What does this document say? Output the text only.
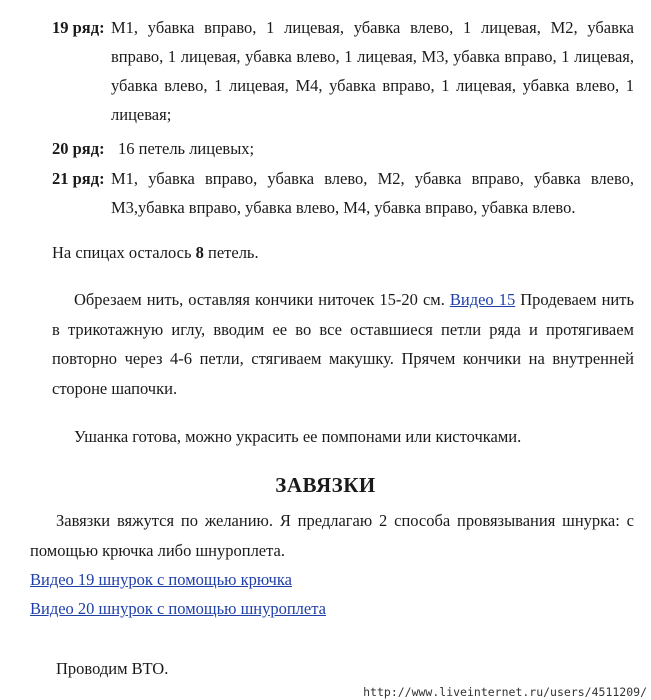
19 ряд: М1, убавка вправо, 1 лицевая, убавка влево, 1 лицевая, М2, убавка вправо, 1 лицевая, убавка влево, 1 лицевая, М3, убавка вправо, 1 лицевая, убавка влево, 1 лицевая, М4, убавка вправо, 1 лицевая, убавка влево, 1 лицевая;
20 ряд: 16 петель лицевых;
21 ряд: М1, убавка вправо, убавка влево, М2, убавка вправо, убавка влево, М3,убавка вправо, убавка влево, М4, убавка вправо, убавка влево.
На спицах осталось 8 петель.
Обрезаем нить, оставляя кончики ниточек 15-20 см. Видео 15 Продеваем нить в трикотажную иглу, вводим ее во все оставшиеся петли ряда и протягиваем повторно через 4-6 петли, стягиваем макушку. Прячем кончики на внутренней стороне шапочки.
Ушанка готова, можно украсить ее помпонами или кисточками.
ЗАВЯЗКИ
Завязки вяжутся по желанию. Я предлагаю 2 способа провязывания шнурка: с помощью крючка либо шнуроплета.
Видео 19 шнурок с помощью крючка
Видео 20 шнурок с помощью шнуроплета
Проводим ВТО.
http://www.liveinternet.ru/users/4511209/
